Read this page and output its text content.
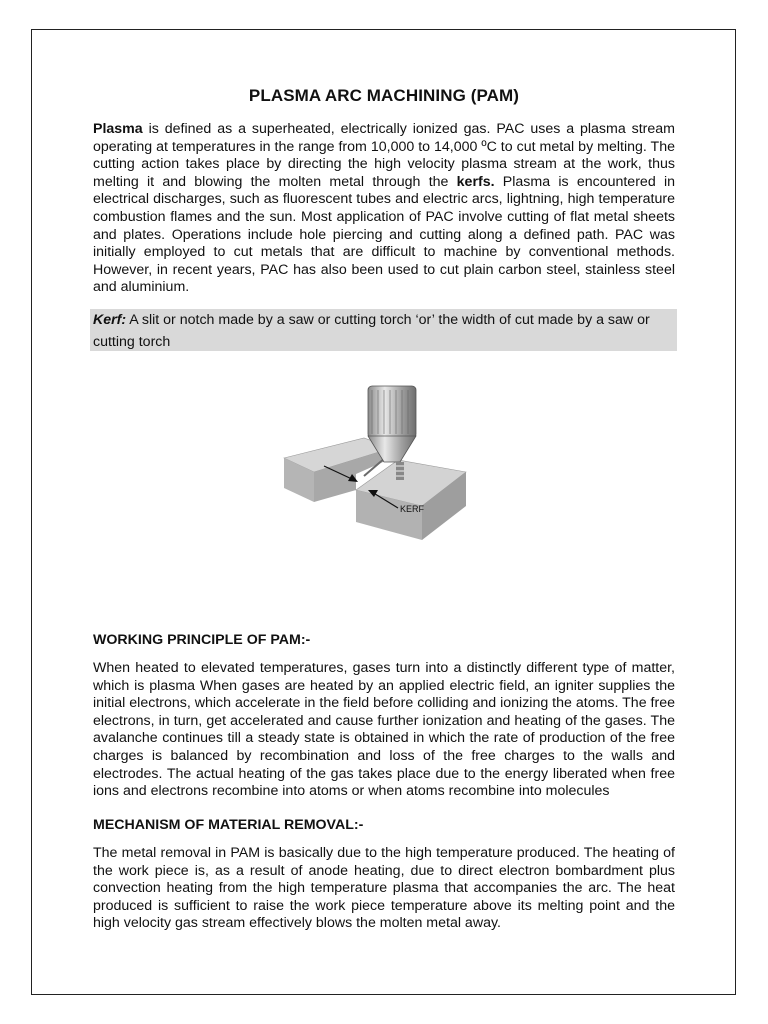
PLASMA ARC MACHINING (PAM)

Plasma is defined as a superheated, electrically ionized gas. PAC uses a plasma stream operating at temperatures in the range from 10,000 to 14,000 ºC to cut metal by melting. The cutting action takes place by directing the high velocity plasma stream at the work, thus melting it and blowing the molten metal through the kerfs. Plasma is encountered in electrical discharges, such as fluorescent tubes and electric arcs, lightning, high temperature combustion flames and the sun. Most application of PAC involve cutting of flat metal sheets and plates. Operations include hole piercing and cutting along a defined path. PAC was initially employed to cut metals that are difficult to machine by conventional methods. However, in recent years, PAC has also been used to cut plain carbon steel, stainless steel and aluminium.

Kerf: A slit or notch made by a saw or cutting torch ‘or’ the width of cut made by a saw or cutting torch
KERF
WORKING PRINCIPLE OF PAM:-

When heated to elevated temperatures, gases turn into a distinctly different type of matter, which is plasma When gases are heated by an applied electric field, an igniter supplies the initial electrons, which accelerate in the field before colliding and ionizing the atoms. The free electrons, in turn, get accelerated and cause further ionization and heating of the gases. The avalanche continues till a steady state is obtained in which the rate of production of the free charges is balanced by recombination and loss of the free charges to the walls and electrodes. The actual heating of the gas takes place due to the energy liberated when free ions and electrons recombine into atoms or when atoms recombine into molecules

MECHANISM OF MATERIAL REMOVAL:-

The metal removal in PAM is basically due to the high temperature produced. The heating of the work piece is, as a result of anode heating, due to direct electron bombardment plus convection heating from the high temperature plasma that accompanies the arc. The heat produced is sufficient to raise the work piece temperature above its melting point and the high velocity gas stream effectively blows the molten metal away.
